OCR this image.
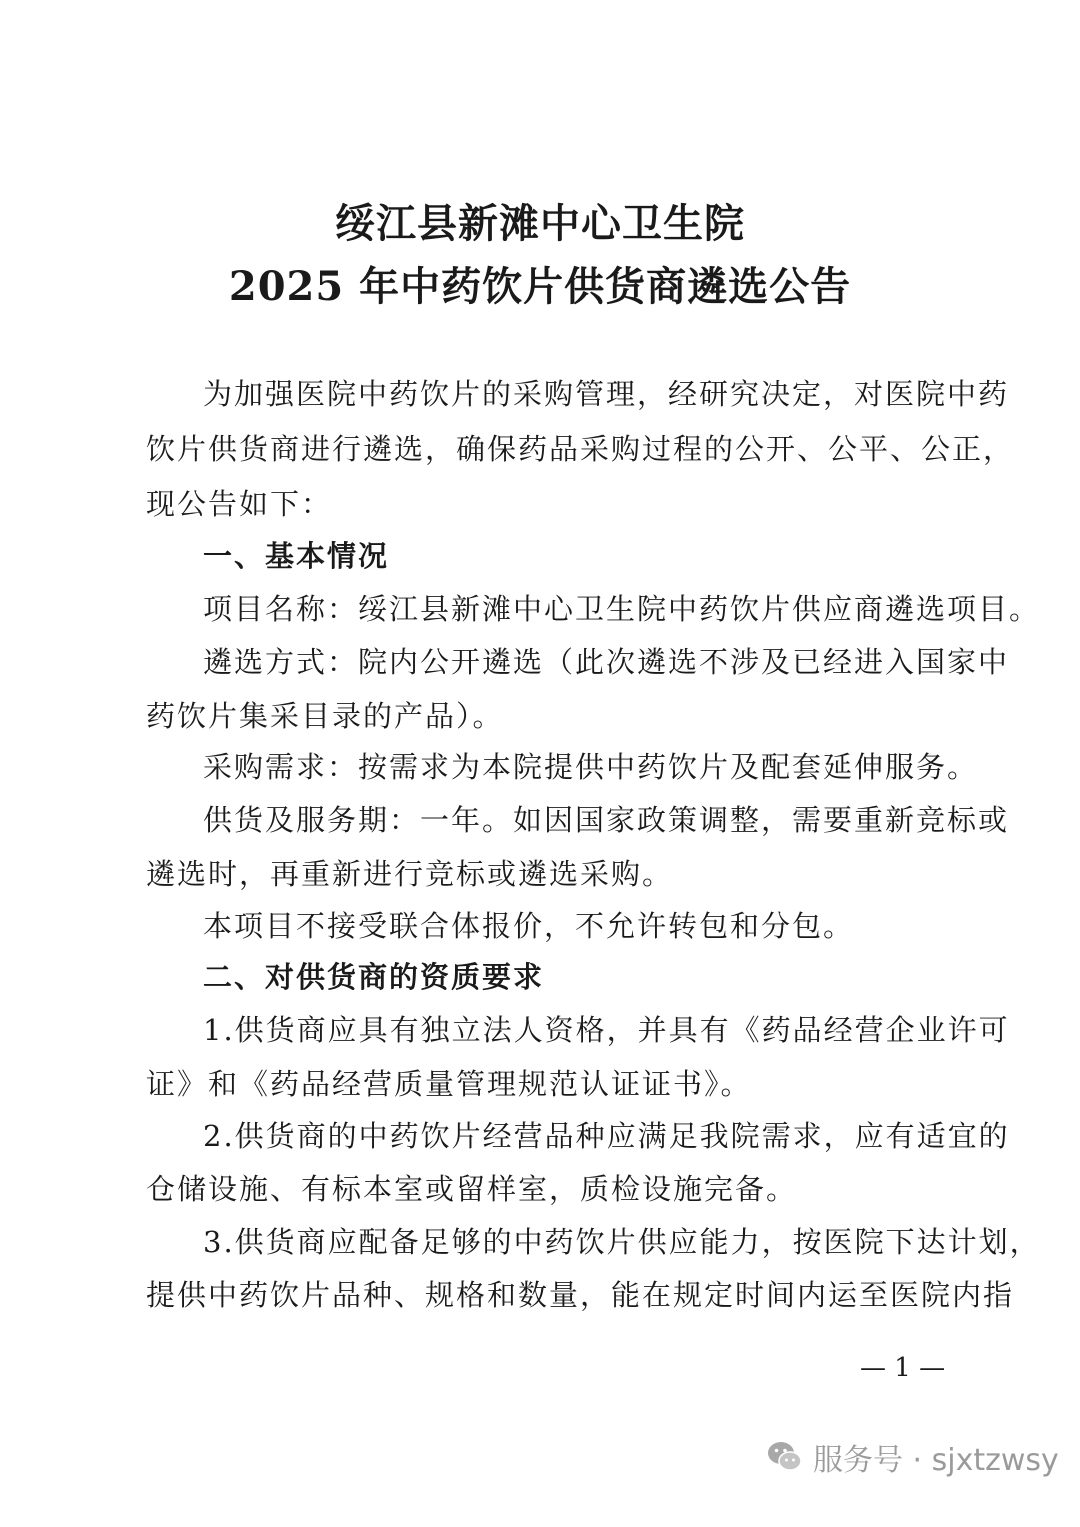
绥江县新滩中心卫生院
2025 年中药饮片供货商遴选公告
为加强医院中药饮片的采购管理，经研究决定，对医院中药
饮片供货商进行遴选，确保药品采购过程的公开、公平、公正，
现公告如下：
一、基本情况
项目名称：绥江县新滩中心卫生院中药饮片供应商遴选项目。
遴选方式：院内公开遴选（此次遴选不涉及已经进入国家中
药饮片集采目录的产品）。
采购需求：按需求为本院提供中药饮片及配套延伸服务。
供货及服务期：一年。如因国家政策调整，需要重新竞标或
遴选时，再重新进行竞标或遴选采购。
本项目不接受联合体报价，不允许转包和分包。
二、对供货商的资质要求
1.供货商应具有独立法人资格，并具有《药品经营企业许可
证》和《药品经营质量管理规范认证证书》。
2.供货商的中药饮片经营品种应满足我院需求，应有适宜的
仓储设施、有标本室或留样室，质检设施完备。
3.供货商应配备足够的中药饮片供应能力，按医院下达计划，
提供中药饮片品种、规格和数量，能在规定时间内运至医院内指
— 1 —
服务号 · sjxtzwsy
